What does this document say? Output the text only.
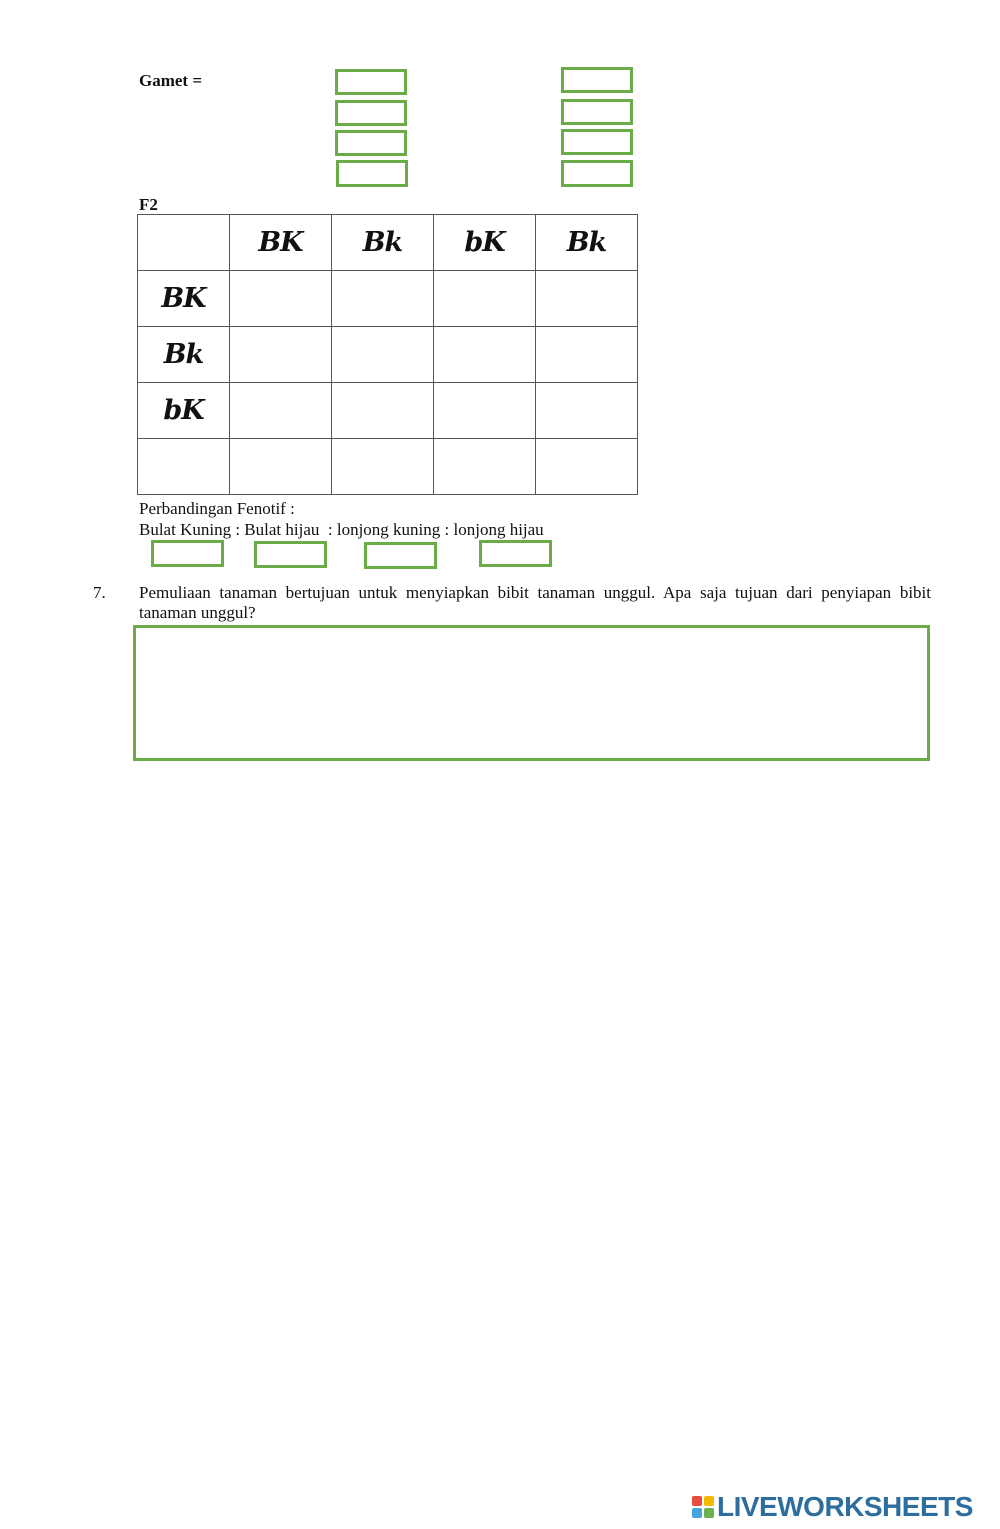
Gamet =
F2
	BK	Bk	bK	Bk
BK				
Bk				
bK				

Perbandingan Fenotif :
Bulat Kuning : Bulat hijau  : lonjong kuning : lonjong hijau
7. Pemuliaan tanaman bertujuan untuk menyiapkan bibit tanaman unggul. Apa saja tujuan dari penyiapan bibit
tanaman unggul?
LIVEWORKSHEETS
